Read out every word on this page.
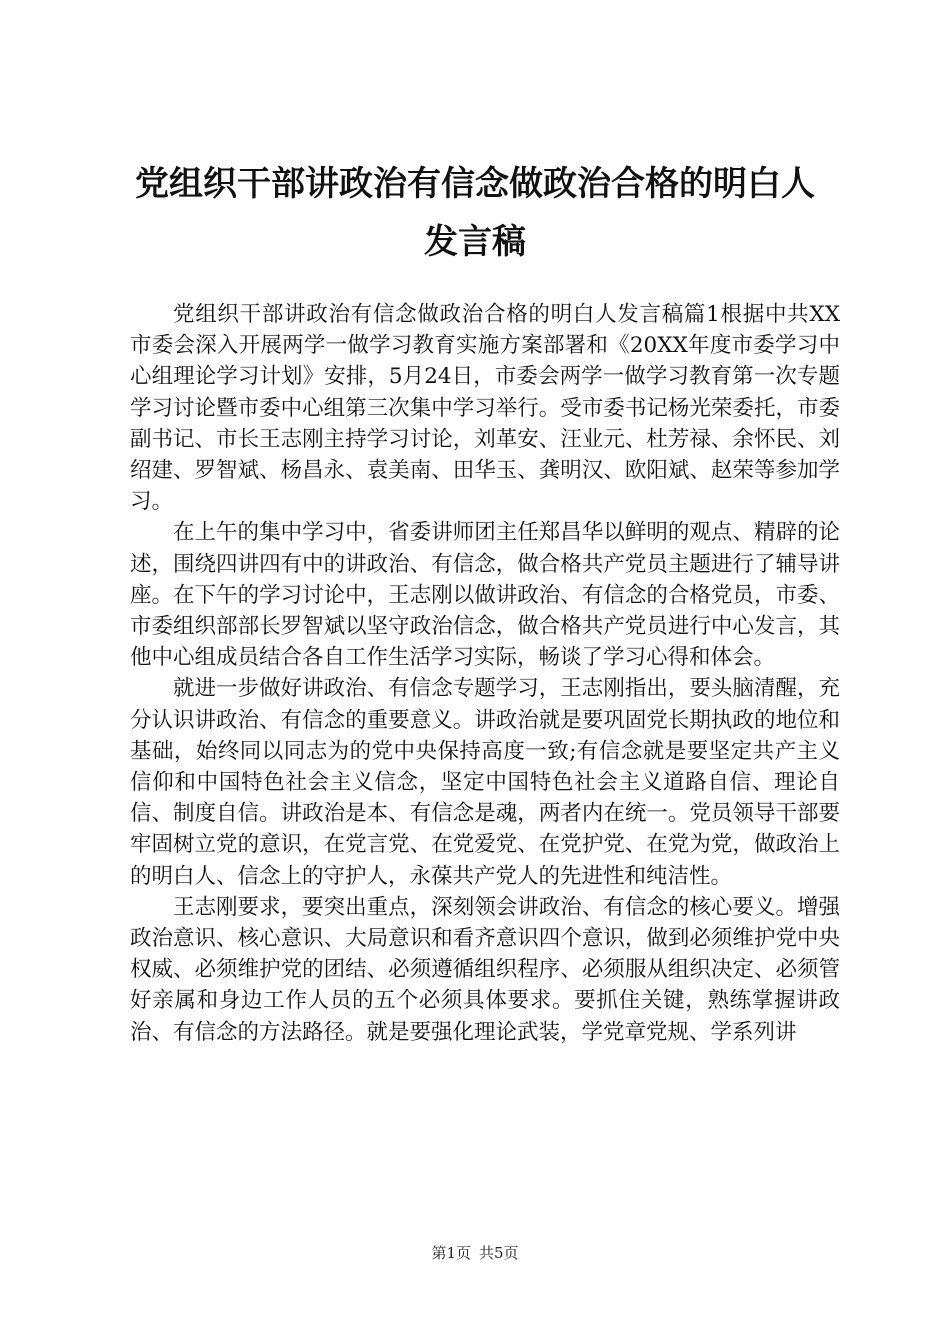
党组织干部讲政治有信念做政治合格的明白人
发言稿

党组织干部讲政治有信念做政治合格的明白人发言稿篇1根据中共XX市委会深入开展两学一做学习教育实施方案部署和《20XX年度市委学习中心组理论学习计划》安排，5月24日，市委会两学一做学习教育第一次专题学习讨论暨市委中心组第三次集中学习举行。受市委书记杨光荣委托，市委副书记、市长王志刚主持学习讨论，刘革安、汪业元、杜芳禄、余怀民、刘绍建、罗智斌、杨昌永、袁美南、田华玉、龚明汉、欧阳斌、赵荣等参加学习。

在上午的集中学习中，省委讲师团主任郑昌华以鲜明的观点、精辟的论述，围绕四讲四有中的讲政治、有信念，做合格共产党员主题进行了辅导讲座。在下午的学习讨论中，王志刚以做讲政治、有信念的合格党员，市委、市委组织部部长罗智斌以坚守政治信念，做合格共产党员进行中心发言，其他中心组成员结合各自工作生活学习实际，畅谈了学习心得和体会。

就进一步做好讲政治、有信念专题学习，王志刚指出，要头脑清醒，充分认识讲政治、有信念的重要意义。讲政治就是要巩固党长期执政的地位和基础，始终同以同志为的党中央保持高度一致;有信念就是要坚定共产主义信仰和中国特色社会主义信念，坚定中国特色社会主义道路自信、理论自信、制度自信。讲政治是本、有信念是魂，两者内在统一。党员领导干部要牢固树立党的意识，在党言党、在党爱党、在党护党、在党为党，做政治上的明白人、信念上的守护人，永葆共产党人的先进性和纯洁性。

王志刚要求，要突出重点，深刻领会讲政治、有信念的核心要义。增强政治意识、核心意识、大局意识和看齐意识四个意识，做到必须维护党中央权威、必须维护党的团结、必须遵循组织程序、必须服从组织决定、必须管好亲属和身边工作人员的五个必须具体要求。要抓住关键，熟练掌握讲政治、有信念的方法路径。就是要强化理论武装，学党章党规、学系列讲

第1页 共5页
